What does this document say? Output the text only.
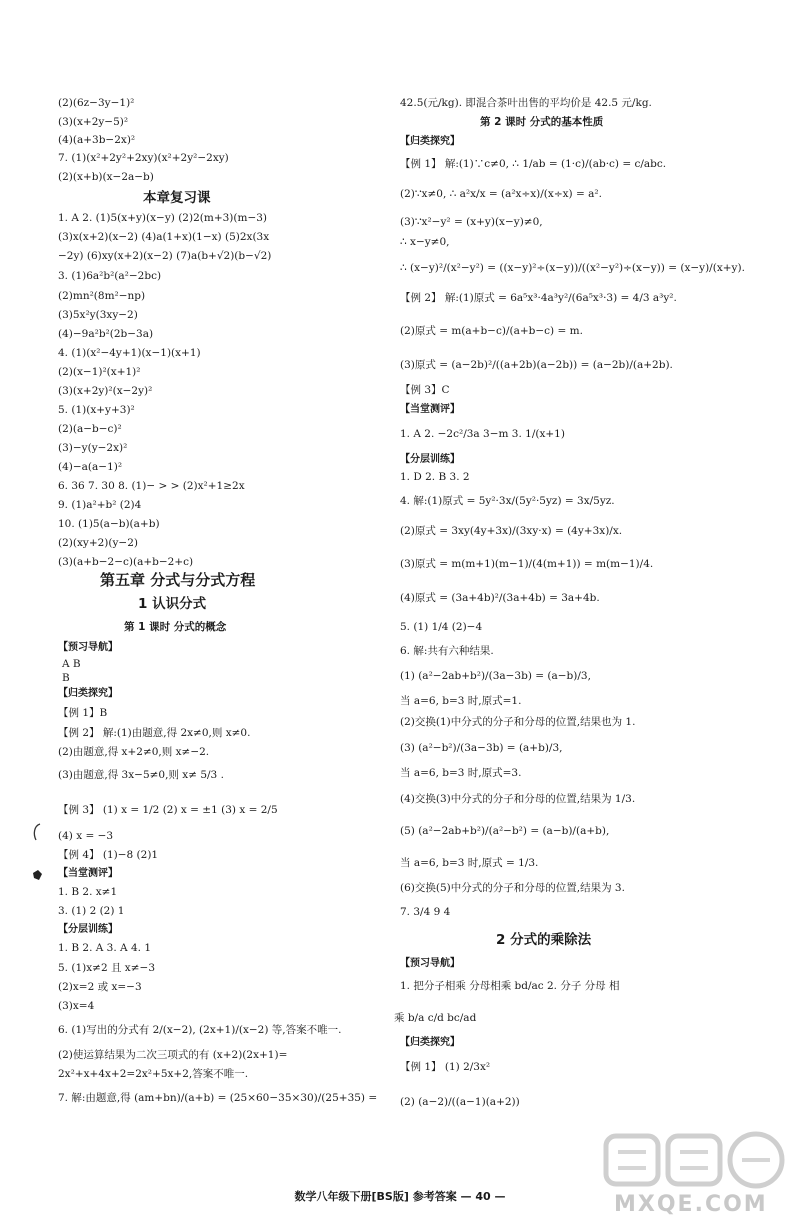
(2)(6z−3y−1)²
(3)(x+2y−5)²
(4)(a+3b−2x)²
7. (1)(x²+2y²+2xy)(x²+2y²−2xy)
(2)(x+b)(x−2a−b)
本章复习课
1. A 2. (1)5(x+y)(x−y) (2)2(m+3)(m−3)
(3)x(x+2)(x−2) (4)a(1+x)(1−x) (5)2x(3x
−2y) (6)xy(x+2)(x−2) (7)a(b+√2)(b−√2)
3. (1)6a²b²(a²−2bc)
(2)mn²(8m²−np)
(3)5x²y(3xy−2)
(4)−9a²b²(2b−3a)
4. (1)(x²−4y+1)(x−1)(x+1)
(2)(x−1)²(x+1)²
(3)(x+2y)²(x−2y)²
5. (1)(x+y+3)²
(2)(a−b−c)²
(3)−y(y−2x)²
(4)−a(a−1)²
6. 36 7. 30 8. (1)− > > (2)x²+1≥2x
9. (1)a²+b² (2)4
10. (1)5(a−b)(a+b)
(2)(xy+2)(y−2)
(3)(a+b−2−c)(a+b−2+c)
第五章 分式与分式方程
1 认识分式
第 1 课时 分式的概念
【预习导航】
A B
B
【归类探究】
【例 1】B
【例 2】 解:(1)由题意,得 2x≠0,则 x≠0.
(2)由题意,得 x+2≠0,则 x≠−2.
(3)由题意,得 3x−5≠0,则 x≠ 5/3 .
【例 3】 (1) x = 1/2 (2) x = ±1 (3) x = 2/5
(4) x = −3
【例 4】 (1)−8 (2)1
【当堂测评】
1. B 2. x≠1
3. (1) 2 (2) 1
【分层训练】
1. B 2. A 3. A 4. 1
5. (1)x≠2 且 x≠−3
(2)x=2 或 x=−3
(3)x=4
6. (1)写出的分式有 2/(x−2), (2x+1)/(x−2) 等,答案不唯一.
(2)使运算结果为二次三项式的有 (x+2)(2x+1)=
2x²+x+4x+2=2x²+5x+2,答案不唯一.
7. 解:由题意,得 (am+bn)/(a+b) = (25×60−35×30)/(25+35) =
42.5(元/kg). 即混合茶叶出售的平均价是 42.5 元/kg.
第 2 课时 分式的基本性质
【归类探究】
【例 1】 解:(1)∵c≠0, ∴ 1/ab = (1·c)/(ab·c) = c/abc.
(2)∵x≠0, ∴ a²x/x = (a²x÷x)/(x÷x) = a².
(3)∵x²−y² = (x+y)(x−y)≠0,
∴ x−y≠0,
∴ (x−y)²/(x²−y²) = ((x−y)²÷(x−y))/((x²−y²)÷(x−y)) = (x−y)/(x+y).
【例 2】 解:(1)原式 = 6a⁵x³·4a³y²/(6a⁵x³·3) = 4/3 a³y².
(2)原式 = m(a+b−c)/(a+b−c) = m.
(3)原式 = (a−2b)²/((a+2b)(a−2b)) = (a−2b)/(a+2b).
【例 3】C
【当堂测评】
1. A 2. −2c²/3a 3−m 3. 1/(x+1)
【分层训练】
1. D 2. B 3. 2
4. 解:(1)原式 = 5y²·3x/(5y²·5yz) = 3x/5yz.
(2)原式 = 3xy(4y+3x)/(3xy·x) = (4y+3x)/x.
(3)原式 = m(m+1)(m−1)/(4(m+1)) = m(m−1)/4.
(4)原式 = (3a+4b)²/(3a+4b) = 3a+4b.
5. (1) 1/4 (2)−4
6. 解:共有六种结果.
(1) (a²−2ab+b²)/(3a−3b) = (a−b)/3,
当 a=6, b=3 时,原式=1.
(2)交换(1)中分式的分子和分母的位置,结果也为 1.
(3) (a²−b²)/(3a−3b) = (a+b)/3,
当 a=6, b=3 时,原式=3.
(4)交换(3)中分式的分子和分母的位置,结果为 1/3.
(5) (a²−2ab+b²)/(a²−b²) = (a−b)/(a+b),
当 a=6, b=3 时,原式 = 1/3.
(6)交换(5)中分式的分子和分母的位置,结果为 3.
7. 3/4 9 4
2 分式的乘除法
【预习导航】
1. 把分子相乘 分母相乘 bd/ac 2. 分子 分母 相
乘 b/a c/d bc/ad
【归类探究】
【例 1】 (1) 2/3x²
(2) (a−2)/((a−1)(a+2))
数学八年级下册[BS版] 参考答案 — 40 —	MXQE.COM
